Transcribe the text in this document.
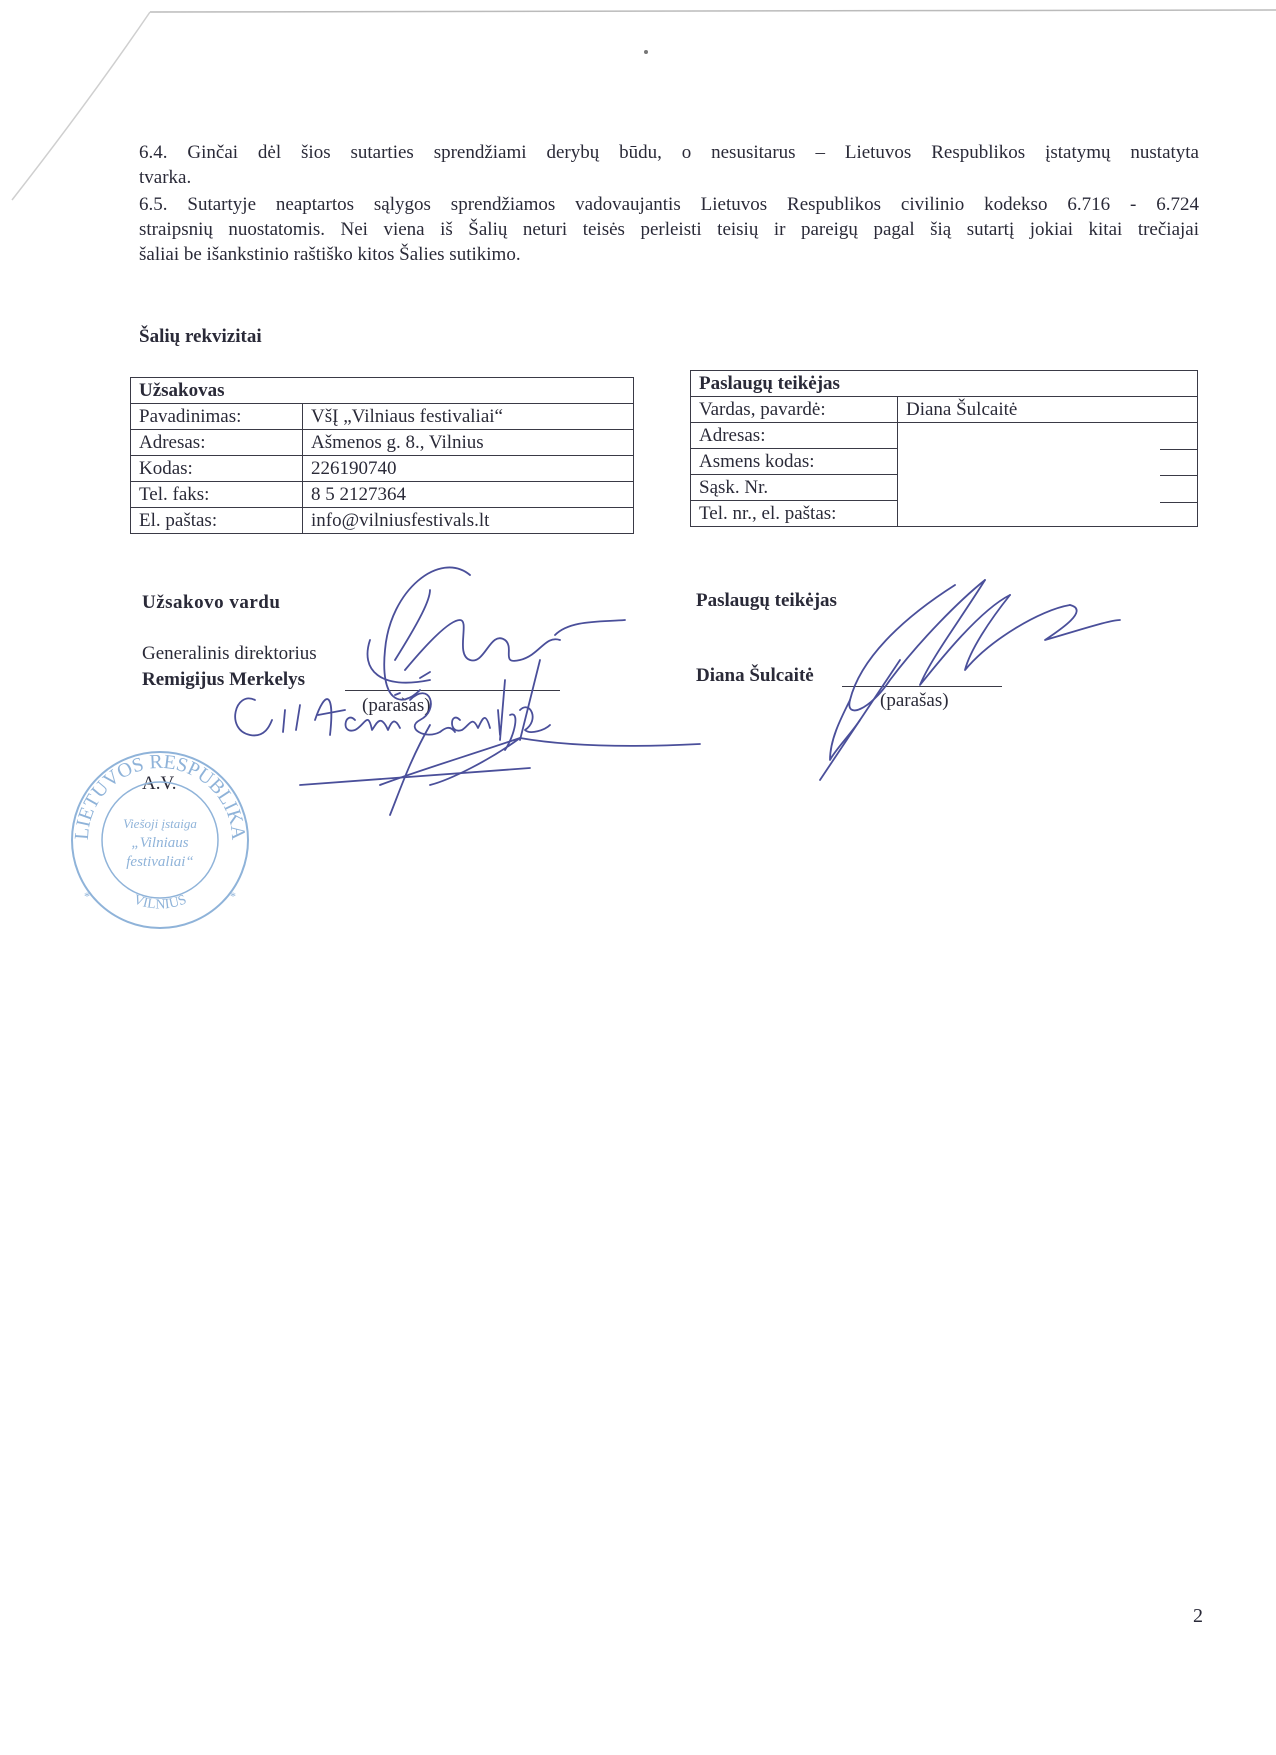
6.4. Ginčai dėl šios sutarties sprendžiami derybų būdu, o nesusitarus – Lietuvos Respublikos įstatymų nustatyta
tvarka.
6.5. Sutartyje neaptartos sąlygos sprendžiamos vadovaujantis Lietuvos Respublikos civilinio kodekso 6.716 - 6.724
straipsnių nuostatomis. Nei viena iš Šalių neturi teisės perleisti teisių ir pareigų pagal šią sutartį jokiai kitai trečiajai
šaliai be išankstinio raštiško kitos Šalies sutikimo.
Šalių rekvizitai
Užsakovas	
Pavadinimas:	VšĮ „Vilniaus festivaliai“
Adresas:	Ašmenos g. 8., Vilnius
Kodas:	226190740
Tel. faks:	8 5 2127364
El. paštas:	info@vilniusfestivals.lt
Paslaugų teikėjas	
Vardas, pavardė:	Diana Šulcaitė
Adresas:	
Asmens kodas:	
Sąsk. Nr.	
Tel. nr., el. paštas:	
Užsakovo vardu
Generalinis direktorius
Remigijus Merkelys
(parašas)
A.V.
Paslaugų teikėjas
Diana Šulcaitė
(parašas)
LIETUVOS RESPUBLIKA
VILNIUS
Viešoji įstaiga
„Vilniaus
festivaliai“
*	*
2
